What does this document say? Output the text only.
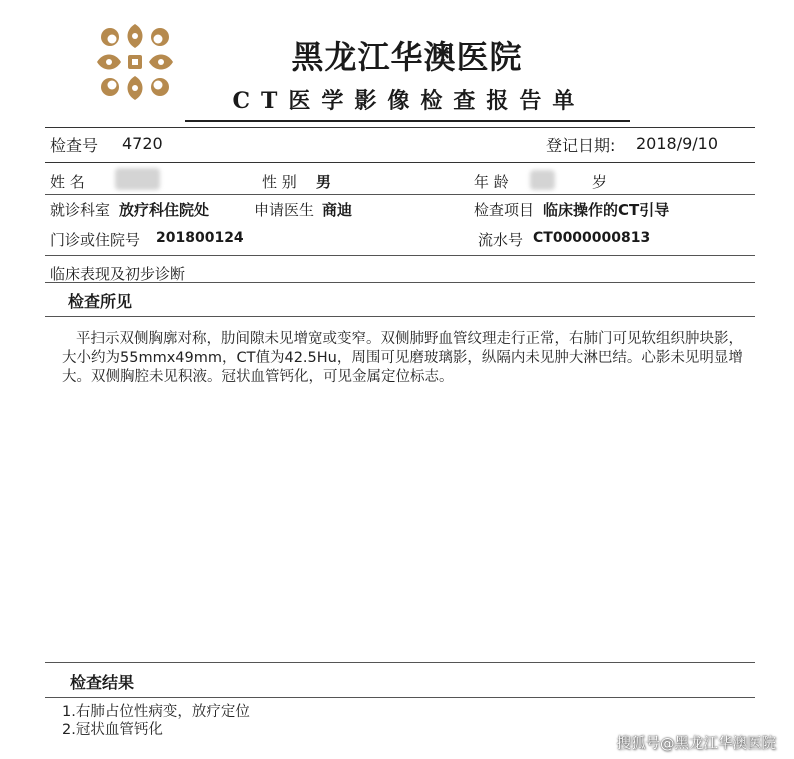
黑龙江华澳医院
CT医学影像检查报告单
检查号 4720	登记日期: 2018/9/10
姓 名	性 别 男	年 龄	岁
就诊科室 放疗科住院处	申请医生 商迪	检查项目 临床操作的CT引导
门诊或住院号 201800124	流水号 CT0000000813
临床表现及初步诊断
检查所见
平扫示双侧胸廓对称，肋间隙未见增宽或变窄。双侧肺野血管纹理走行正常，右肺门可见软组织肿块影，大小约为55mmx49mm，CT值为42.5Hu，周围可见磨玻璃影，纵隔内未见肿大淋巴结。心影未见明显增大。双侧胸腔未见积液。冠状血管钙化，可见金属定位标志。
检查结果
1.右肺占位性病变，放疗定位
2.冠状血管钙化
搜狐号@黑龙江华澳医院
